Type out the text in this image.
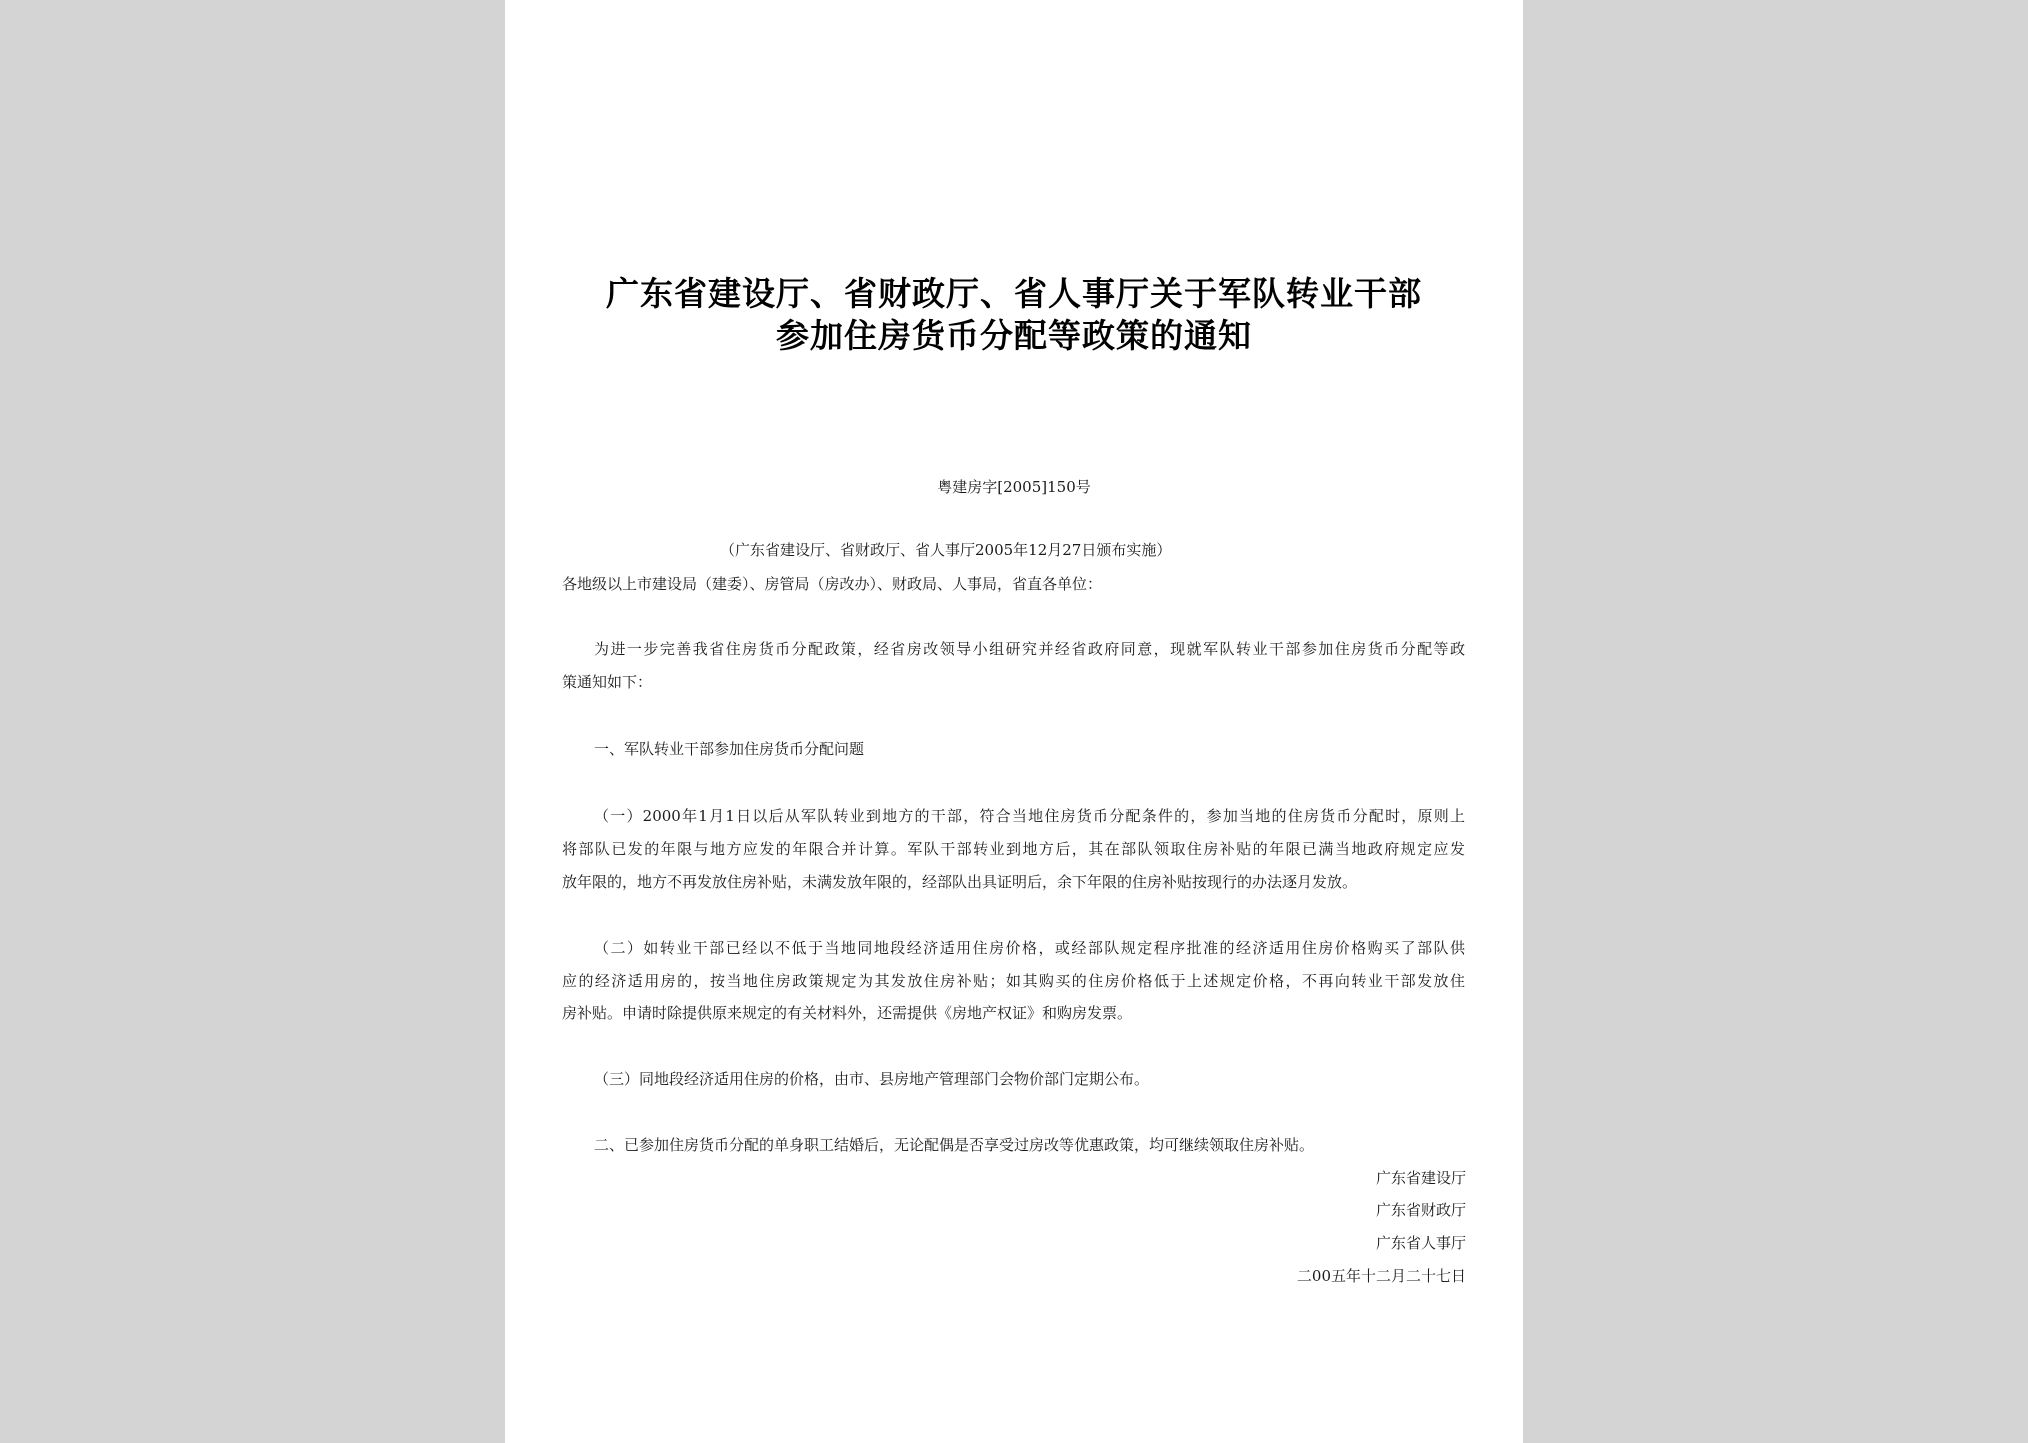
广东省建设厅、省财政厅、省人事厅关于军队转业干部
参加住房货币分配等政策的通知
粤建房字[2005]150号
（广东省建设厅、省财政厅、省人事厅2005年12月27日颁布实施）
各地级以上市建设局（建委）、房管局（房改办）、财政局、人事局，省直各单位：
为进一步完善我省住房货币分配政策，经省房改领导小组研究并经省政府同意，现就军队转业干部参加住房货币分配等政
策通知如下：
一、军队转业干部参加住房货币分配问题
（一）2000年1月1日以后从军队转业到地方的干部，符合当地住房货币分配条件的，参加当地的住房货币分配时，原则上
将部队已发的年限与地方应发的年限合并计算。军队干部转业到地方后，其在部队领取住房补贴的年限已满当地政府规定应发
放年限的，地方不再发放住房补贴，未满发放年限的，经部队出具证明后，余下年限的住房补贴按现行的办法逐月发放。
（二）如转业干部已经以不低于当地同地段经济适用住房价格，或经部队规定程序批准的经济适用住房价格购买了部队供
应的经济适用房的，按当地住房政策规定为其发放住房补贴；如其购买的住房价格低于上述规定价格，不再向转业干部发放住
房补贴。申请时除提供原来规定的有关材料外，还需提供《房地产权证》和购房发票。
（三）同地段经济适用住房的价格，由市、县房地产管理部门会物价部门定期公布。
二、已参加住房货币分配的单身职工结婚后，无论配偶是否享受过房改等优惠政策，均可继续领取住房补贴。
广东省建设厅
广东省财政厅
广东省人事厅
二00五年十二月二十七日
